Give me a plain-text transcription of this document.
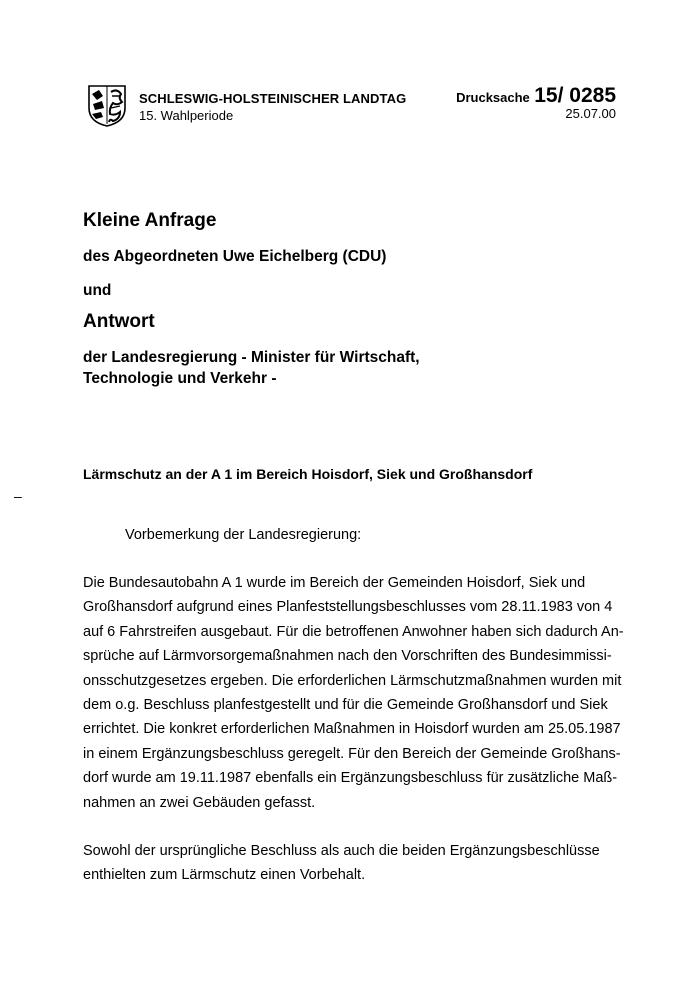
SCHLESWIG-HOLSTEINISCHER LANDTAG
15. Wahlperiode
Drucksache 15/ 0285
25.07.00
Kleine Anfrage
des Abgeordneten Uwe Eichelberg (CDU)
und
Antwort
der Landesregierung - Minister für Wirtschaft,
Technologie und Verkehr -
Lärmschutz an der A 1 im Bereich Hoisdorf, Siek und Großhansdorf
–
Vorbemerkung der Landesregierung:
Die Bundesautobahn A 1 wurde im Bereich der Gemeinden Hoisdorf, Siek und
Großhansdorf aufgrund eines Planfeststellungsbeschlusses vom 28.11.1983 von 4
auf 6 Fahrstreifen ausgebaut. Für die betroffenen Anwohner haben sich dadurch An-
sprüche auf Lärmvorsorgemaßnahmen nach den Vorschriften des Bundesimmissi-
onsschutzgesetzes ergeben. Die erforderlichen Lärmschutzmaßnahmen wurden mit
dem o.g. Beschluss planfestgestellt und für die Gemeinde Großhansdorf und Siek
errichtet. Die konkret erforderlichen Maßnahmen in Hoisdorf wurden am 25.05.1987
in einem Ergänzungsbeschluss geregelt. Für den Bereich der Gemeinde Großhans-
dorf wurde am 19.11.1987 ebenfalls ein Ergänzungsbeschluss für zusätzliche Maß-
nahmen an zwei Gebäuden gefasst.
Sowohl der ursprüngliche Beschluss als auch die beiden Ergänzungsbeschlüsse
enthielten zum Lärmschutz einen Vorbehalt.
